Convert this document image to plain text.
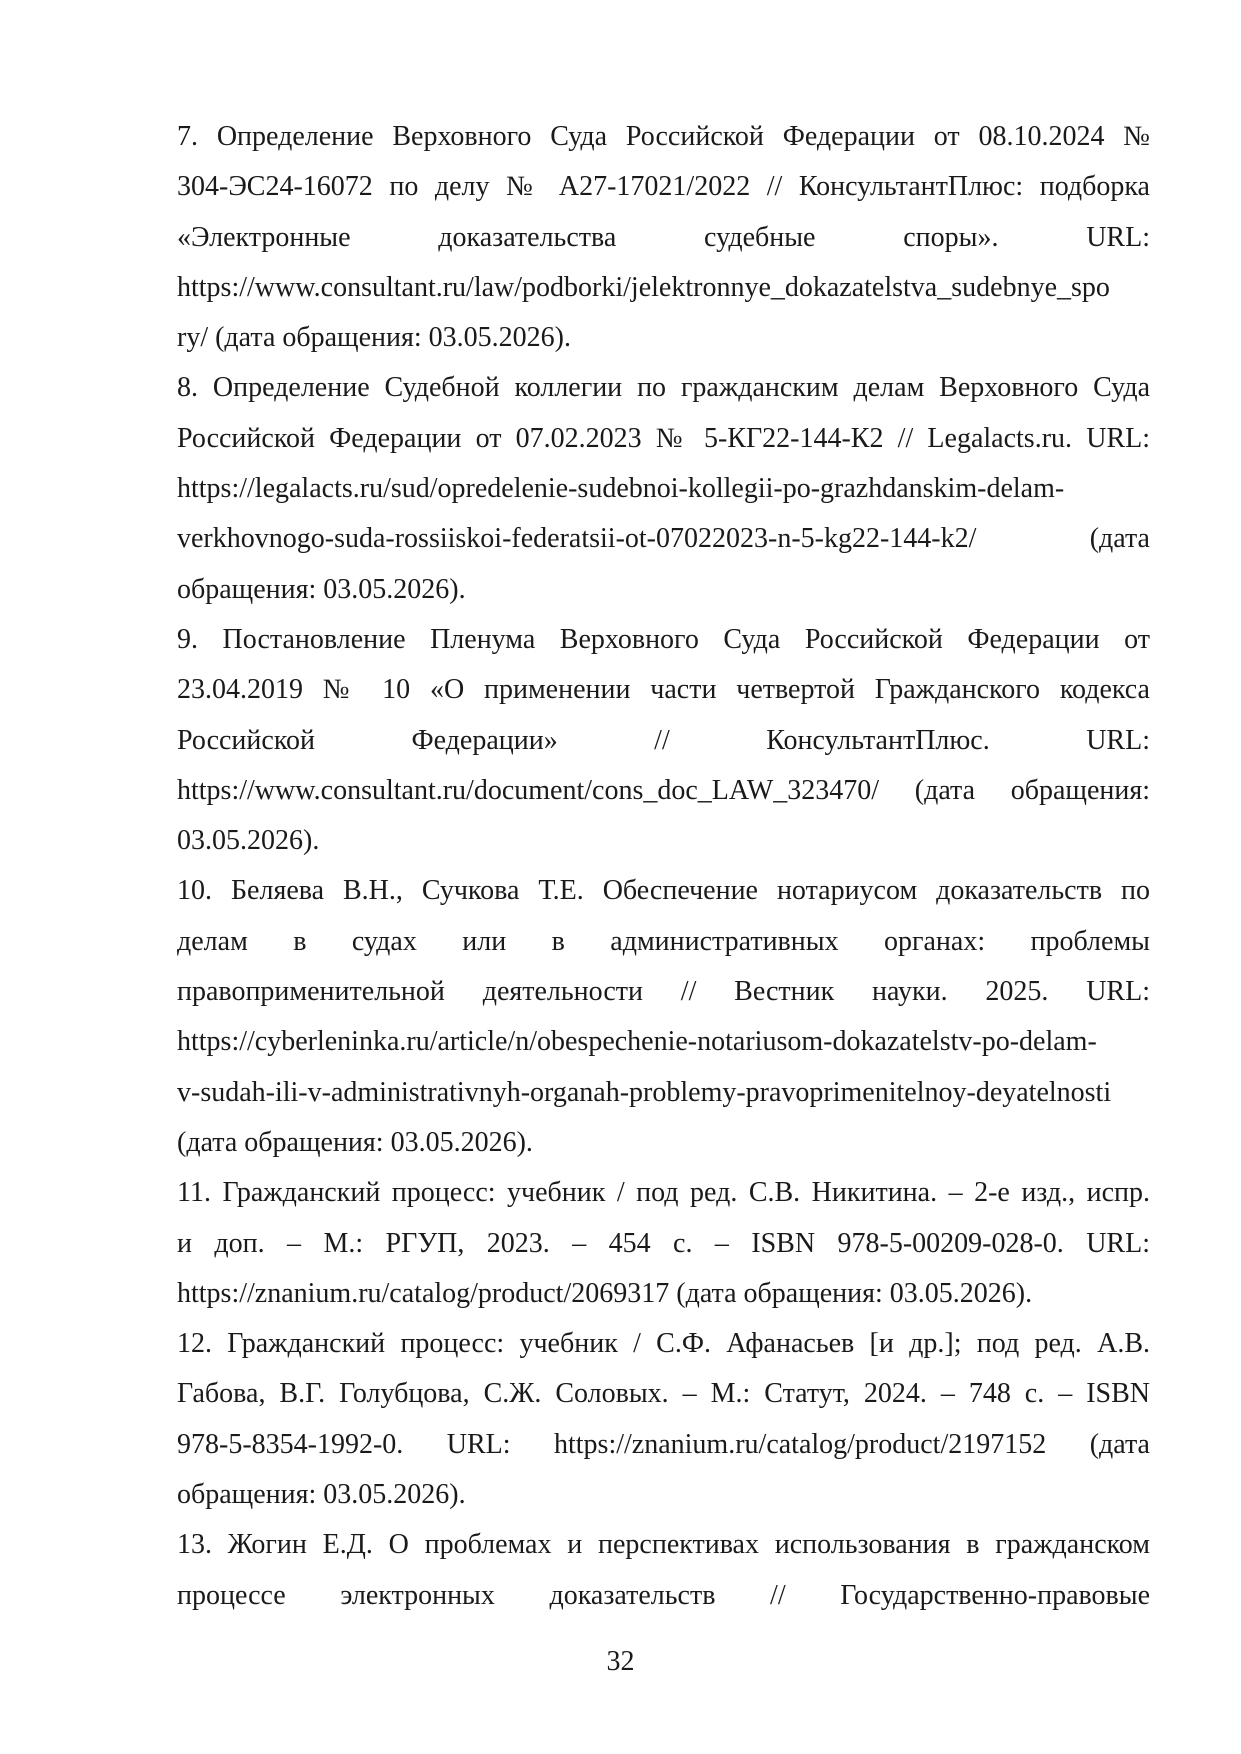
7. Определение Верховного Суда Российской Федерации от 08.10.2024 №
304-ЭС24-16072 по делу № А27-17021/2022 // КонсультантПлюс: подборка
«Электронные доказательства судебные споры». URL:
https://www.consultant.ru/law/podborki/jelektronnye_dokazatelstva_sudebnye_spo
ry/ (дата обращения: 03.05.2026).
8. Определение Судебной коллегии по гражданским делам Верховного Суда
Российской Федерации от 07.02.2023 № 5-КГ22-144-К2 // Legalacts.ru. URL:
https://legalacts.ru/sud/opredelenie-sudebnoi-kollegii-po-grazhdanskim-delam-
verkhovnogo-suda-rossiiskoi-federatsii-ot-07022023-n-5-kg22-144-k2/ (дата
обращения: 03.05.2026).
9. Постановление Пленума Верховного Суда Российской Федерации от
23.04.2019 № 10 «О применении части четвертой Гражданского кодекса
Российской Федерации» // КонсультантПлюс. URL:
https://www.consultant.ru/document/cons_doc_LAW_323470/ (дата обращения:
03.05.2026).
10. Беляева В.Н., Сучкова Т.Е. Обеспечение нотариусом доказательств по
делам в судах или в административных органах: проблемы
правоприменительной деятельности // Вестник науки. 2025. URL:
https://cyberleninka.ru/article/n/obespechenie-notariusom-dokazatelstv-po-delam-
v-sudah-ili-v-administrativnyh-organah-problemy-pravoprimenitelnoy-deyatelnosti
(дата обращения: 03.05.2026).
11. Гражданский процесс: учебник / под ред. С.В. Никитина. – 2-е изд., испр.
и доп. – М.: РГУП, 2023. – 454 с. – ISBN 978-5-00209-028-0. URL:
https://znanium.ru/catalog/product/2069317 (дата обращения: 03.05.2026).
12. Гражданский процесс: учебник / С.Ф. Афанасьев [и др.]; под ред. А.В.
Габова, В.Г. Голубцова, С.Ж. Соловых. – М.: Статут, 2024. – 748 с. – ISBN
978-5-8354-1992-0. URL: https://znanium.ru/catalog/product/2197152 (дата
обращения: 03.05.2026).
13. Жогин Е.Д. О проблемах и перспективах использования в гражданском
процессе электронных доказательств // Государственно-правовые
32
